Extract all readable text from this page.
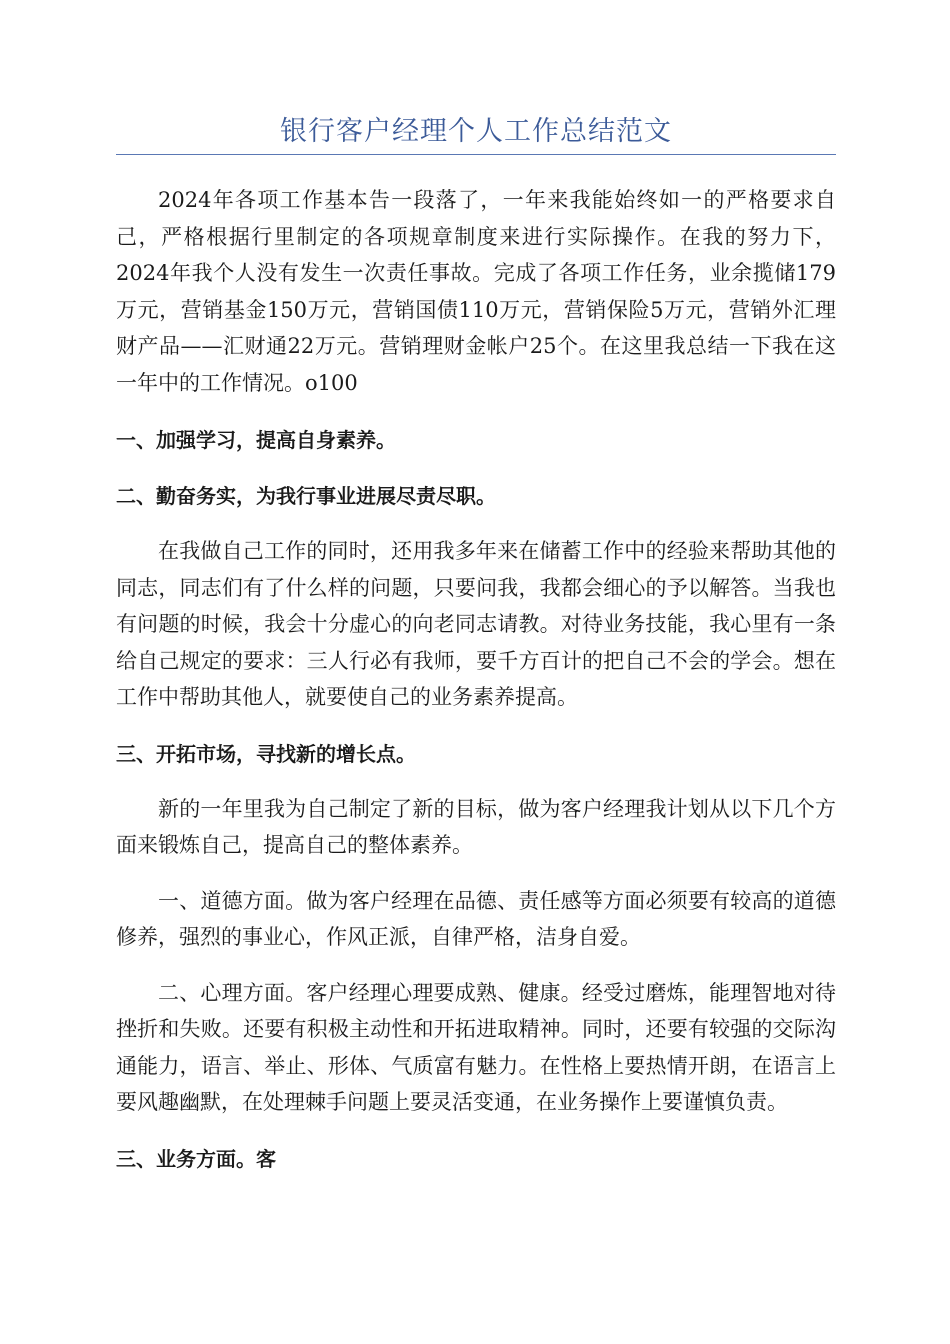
银行客户经理个人工作总结范文

2024年各项工作基本告一段落了，一年来我能始终如一的严格要求自己，严格根据行里制定的各项规章制度来进行实际操作。在我的努力下，2024年我个人没有发生一次责任事故。完成了各项工作任务，业余揽储179万元，营销基金150万元，营销国债110万元，营销保险5万元，营销外汇理财产品——汇财通22万元。营销理财金帐户25个。在这里我总结一下我在这一年中的工作情况。o100

一、加强学习，提高自身素养。

二、勤奋务实，为我行事业进展尽责尽职。

在我做自己工作的同时，还用我多年来在储蓄工作中的经验来帮助其他的同志，同志们有了什么样的问题，只要问我，我都会细心的予以解答。当我也有问题的时候，我会十分虚心的向老同志请教。对待业务技能，我心里有一条给自己规定的要求：三人行必有我师，要千方百计的把自己不会的学会。想在工作中帮助其他人，就要使自己的业务素养提高。

三、开拓市场，寻找新的增长点。

新的一年里我为自己制定了新的目标，做为客户经理我计划从以下几个方面来锻炼自己，提高自己的整体素养。

一、道德方面。做为客户经理在品德、责任感等方面必须要有较高的道德修养，强烈的事业心，作风正派，自律严格，洁身自爱。

二、心理方面。客户经理心理要成熟、健康。经受过磨炼，能理智地对待挫折和失败。还要有积极主动性和开拓进取精神。同时，还要有较强的交际沟通能力，语言、举止、形体、气质富有魅力。在性格上要热情开朗，在语言上要风趣幽默，在处理棘手问题上要灵活变通，在业务操作上要谨慎负责。

三、业务方面。客
